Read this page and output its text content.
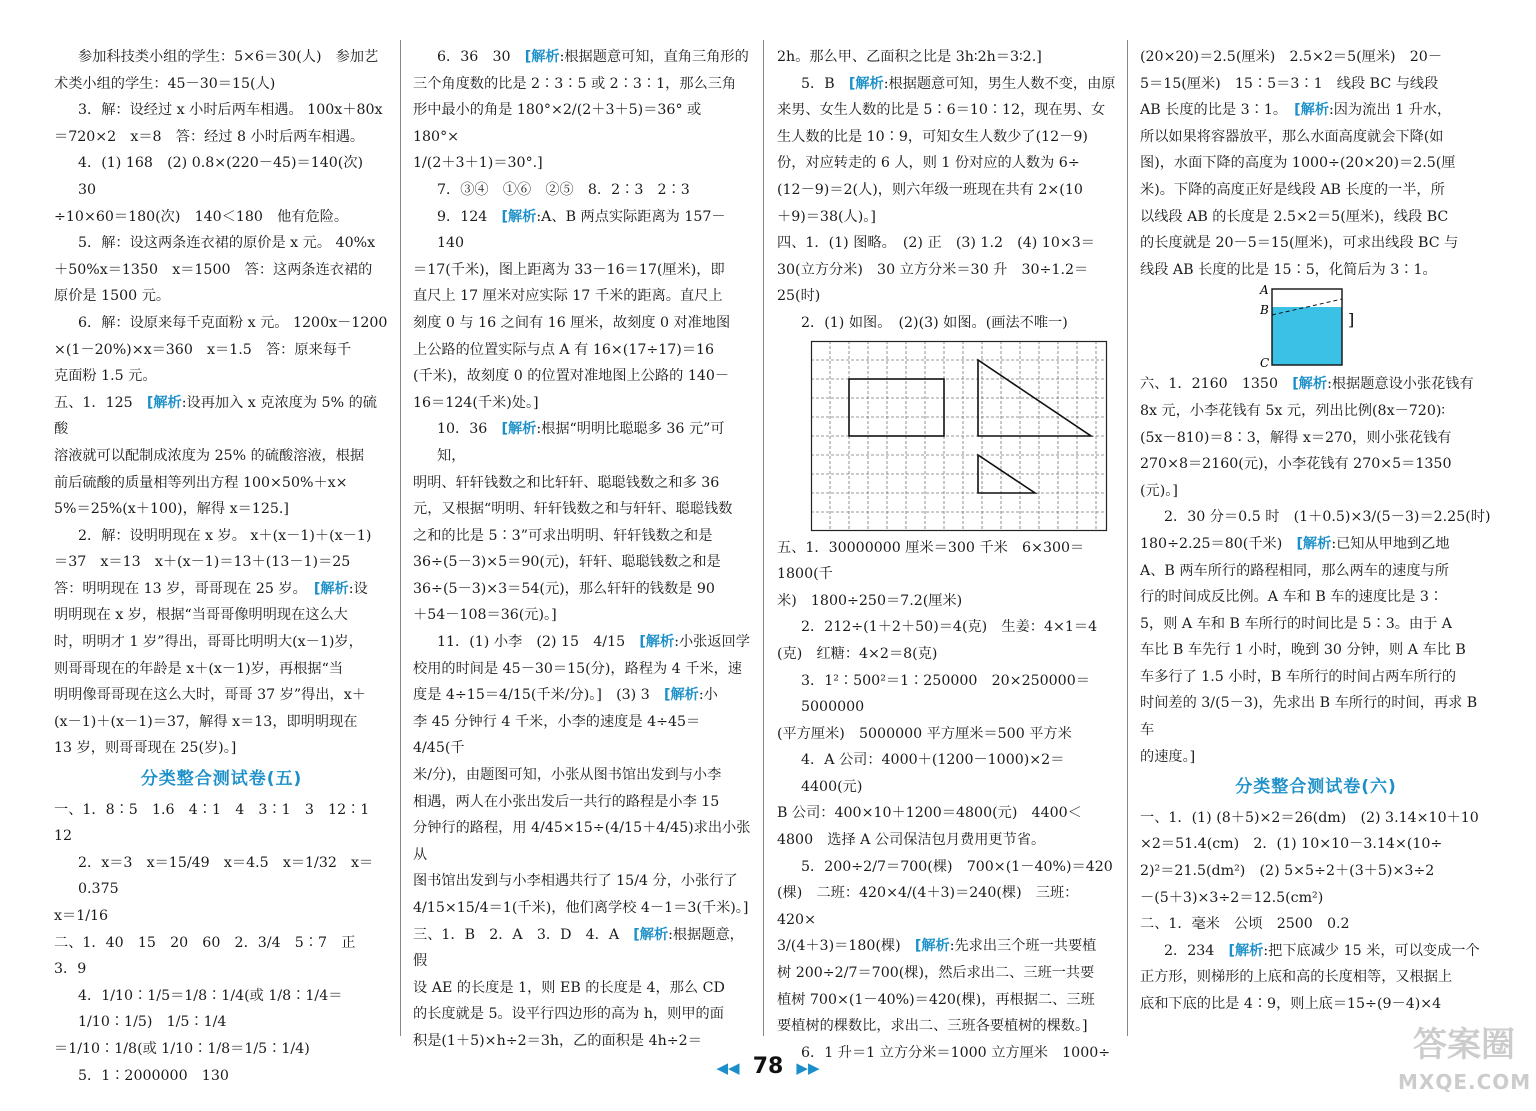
参加科技类小组的学生：5×6＝30(人)　参加艺

术类小组的学生：45－30＝15(人)

3．解：设经过 x 小时后两车相遇。 100x＋80x

＝720×2　x＝8　答：经过 8 小时后两车相遇。

4．(1) 168　(2) 0.8×(220－45)＝140(次)　30

÷10×60＝180(次)　140＜180　他有危险。

5．解：设这两条连衣裙的原价是 x 元。 40%x

＋50%x＝1350　x＝1500　答：这两条连衣裙的

原价是 1500 元。

6．解：设原来每千克面粉 x 元。 1200x－1200

×(1－20%)×x＝360　x＝1.5　答：原来每千

克面粉 1.5 元。

五、1．125　 [解析:设再加入 x 克浓度为 5% 的硫酸

溶液就可以配制成浓度为 25% 的硫酸溶液，根据

前后硫酸的质量相等列出方程 100×50%＋x×

5%＝25%(x＋100)，解得 x＝125.]

2．解：设明明现在 x 岁。 x＋(x－1)＋(x－1)

＝37　x＝13　x＋(x－1)＝13＋(13－1)＝25

答：明明现在 13 岁，哥哥现在 25 岁。　 [解析:设

明明现在 x 岁，根据“当哥哥像明明现在这么大

时，明明才 1 岁”得出，哥哥比明明大(x－1)岁，

则哥哥现在的年龄是 x＋(x－1)岁，再根据“当

明明像哥哥现在这么大时，哥哥 37 岁”得出，x＋

(x－1)＋(x－1)＝37，解得 x＝13，即明明现在

13 岁，则哥哥现在 25(岁)。]

分类整合测试卷(五)

一、1．8∶5　1.6　4∶1　4　3∶1　3　12∶1　12

2．x＝3　x＝15/49　x＝4.5　x＝1/32　x＝0.375

x＝1/16

二、1．40　15　20　60　2．3/4　5∶7　正　3．9

4．1/10∶1/5＝1/8∶1/4(或 1/8∶1/4＝1/10∶1/5)　1/5∶1/4

＝1/10∶1/8(或 1/10∶1/8＝1/5∶1/4)

5．1∶2000000　130

6．36　30　 [解析:根据题意可知，直角三角形的

三个角度数的比是 2∶3∶5 或 2∶3∶1，那么三角

形中最小的角是 180°×2/(2＋3＋5)＝36° 或 180°×

1/(2＋3＋1)＝30°.]

7．③④　①⑥　②⑤　8．2∶3　2∶3

9．124　 [解析:A、B 两点实际距离为 157－140

＝17(千米)，图上距离为 33－16＝17(厘米)，即

直尺上 17 厘米对应实际 17 千米的距离。直尺上

刻度 0 与 16 之间有 16 厘米，故刻度 0 对准地图

上公路的位置实际与点 A 有 16×(17÷17)＝16

(千米)，故刻度 0 的位置对准地图上公路的 140－

16＝124(千米)处。]

10．36　 [解析:根据“明明比聪聪多 36 元”可知，

明明、轩轩钱数之和比轩轩、聪聪钱数之和多 36

元，又根据“明明、轩轩钱数之和与轩轩、聪聪钱数

之和的比是 5∶3”可求出明明、轩轩钱数之和是

36÷(5－3)×5＝90(元)，轩轩、聪聪钱数之和是

36÷(5－3)×3＝54(元)，那么轩轩的钱数是 90

＋54－108＝36(元)。]

11．(1) 小李　(2) 15　4/15　 [解析:小张返回学

校用的时间是 45－30＝15(分)，路程为 4 千米，速

度是 4÷15＝4/15(千米/分)。]　(3) 3　 [解析:小

李 45 分钟行 4 千米，小李的速度是 4÷45＝4/45(千

米/分)，由题图可知，小张从图书馆出发到与小李

相遇，两人在小张出发后一共行的路程是小李 15

分钟行的路程，用 4/45×15÷(4/15＋4/45)求出小张从

图书馆出发到与小李相遇共行了 15/4 分，小张行了

4/15×15/4＝1(千米)，他们离学校 4－1＝3(千米)。]

三、1．B　2．A　3．D　4．A　 [解析:根据题意，假

设 AE 的长度是 1，则 EB 的长度是 4，那么 CD

的长度就是 5。设平行四边形的高为 h，则甲的面

积是(1＋5)×h÷2＝3h，乙的面积是 4h÷2＝

2h。那么甲、乙面积之比是 3h∶2h＝3∶2.]

5．B　 [解析:根据题意可知，男生人数不变，由原

来男、女生人数的比是 5∶6＝10∶12，现在男、女

生人数的比是 10∶9，可知女生人数少了(12－9)

份，对应转走的 6 人，则 1 份对应的人数为 6÷

(12－9)＝2(人)，则六年级一班现在共有 2×(10

＋9)＝38(人)。]

四、1．(1) 图略。　(2) 正　(3) 1.2　(4) 10×3＝

30(立方分米)　30 立方分米＝30 升　30÷1.2＝

25(时)

2．(1) 如图。　(2)(3) 如图。(画法不唯一)

五、1．30000000 厘米＝300 千米　6×300＝1800(千

米)　1800÷250＝7.2(厘米)

2．212÷(1＋2＋50)＝4(克)　生姜：4×1＝4

(克)　红糖：4×2＝8(克)

3．1²∶500²＝1∶250000　20×250000＝5000000

(平方厘米)　5000000 平方厘米＝500 平方米

4．A 公司：4000＋(1200－1000)×2＝4400(元)

B 公司：400×10＋1200＝4800(元)　4400＜

4800　选择 A 公司保洁包月费用更节省。

5．200÷2/7＝700(棵)　700×(1－40%)＝420

(棵)　二班：420×4/(4＋3)＝240(棵)　三班：420×

3/(4＋3)＝180(棵)　 [解析:先求出三个班一共要植

树 200÷2/7＝700(棵)，然后求出二、三班一共要

植树 700×(1－40%)＝420(棵)，再根据二、三班

要植树的棵数比，求出二、三班各要植树的棵数。]

6．1 升＝1 立方分米＝1000 立方厘米　1000÷

(20×20)＝2.5(厘米)　2.5×2＝5(厘米)　20－

5＝15(厘米)　15∶5＝3∶1　线段 BC 与线段

AB 长度的比是 3∶1。　 [解析:因为流出 1 升水，

所以如果将容器放平，那么水面高度就会下降(如

图)，水面下降的高度为 1000÷(20×20)＝2.5(厘

米)。下降的高度正好是线段 AB 长度的一半，所

以线段 AB 的长度是 2.5×2＝5(厘米)，线段 BC

的长度就是 20－5＝15(厘米)，可求出线段 BC 与

线段 AB 长度的比是 15∶5，化简后为 3∶1。

A
B
C
]

六、1．2160　1350　 [解析:根据题意设小张花钱有

8x 元，小李花钱有 5x 元，列出比例(8x－720)∶

(5x－810)＝8∶3，解得 x＝270，则小张花钱有

270×8＝2160(元)，小李花钱有 270×5＝1350

(元)。]

2．30 分＝0.5 时　(1＋0.5)×3/(5－3)＝2.25(时)

180÷2.25＝80(千米)　 [解析:已知从甲地到乙地

A、B 两车所行的路程相同，那么两车的速度与所

行的时间成反比例。A 车和 B 车的速度比是 3∶

5，则 A 车和 B 车所行的时间比是 5∶3。由于 A

车比 B 车先行 1 小时，晚到 30 分钟，则 A 车比 B

车多行了 1.5 小时，B 车所行的时间占两车所行的

时间差的 3/(5－3)，先求出 B 车所行的时间，再求 B 车

的速度。]

分类整合测试卷(六)

一、1．(1) (8＋5)×2＝26(dm)　(2) 3.14×10＋10

×2＝51.4(cm)　2．(1) 10×10－3.14×(10÷

2)²＝21.5(dm²)　(2) 5×5÷2＋(3＋5)×3÷2

－(5＋3)×3÷2＝12.5(cm²)

二、1．毫米　公顷　2500　0.2

2．234　 [解析:把下底减少 15 米，可以变成一个

正方形，则梯形的上底和高的长度相等，又根据上

底和下底的比是 4∶9，则上底＝15÷(9－4)×4

◀◀ 78 ▶▶
答案圈
MXQE.COM
